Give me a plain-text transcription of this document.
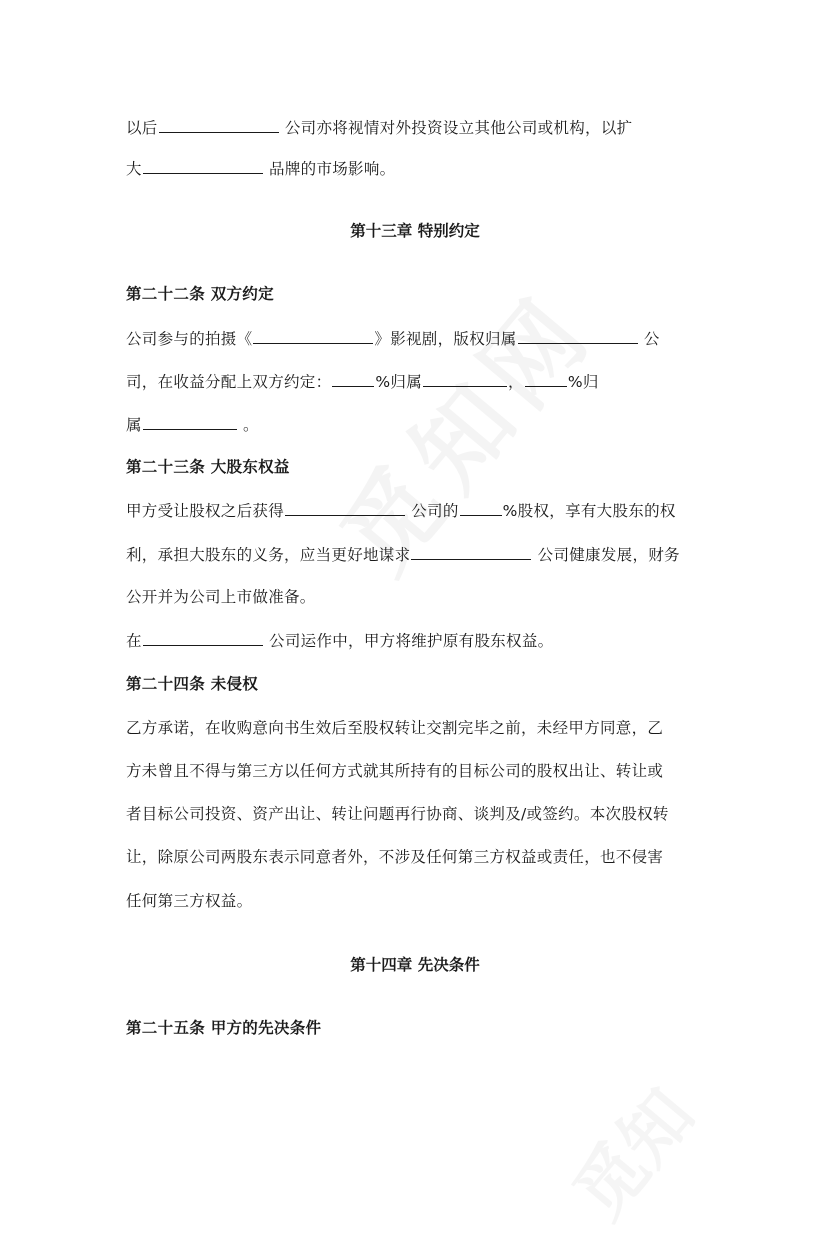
以后	公司亦将视情对外投资设立其他公司或机构，以扩
大	品牌的市场影响。
第十三章 特别约定
第二十二条 双方约定
公司参与的拍摄《	》影视剧，版权归属	公
司，在收益分配上双方约定：	%归属	，	%归
属	。
第二十三条 大股东权益
甲方受让股权之后获得	公司的	%股权，享有大股东的权
利，承担大股东的义务，应当更好地谋求	公司健康发展，财务
公开并为公司上市做准备。
在	公司运作中，甲方将维护原有股东权益。
第二十四条 未侵权
乙方承诺，在收购意向书生效后至股权转让交割完毕之前，未经甲方同意，乙
方未曾且不得与第三方以任何方式就其所持有的目标公司的股权出让、转让或
者目标公司投资、资产出让、转让问题再行协商、谈判及/或签约。本次股权转
让，除原公司两股东表示同意者外，不涉及任何第三方权益或责任，也不侵害
任何第三方权益。
第十四章 先决条件
第二十五条 甲方的先决条件
